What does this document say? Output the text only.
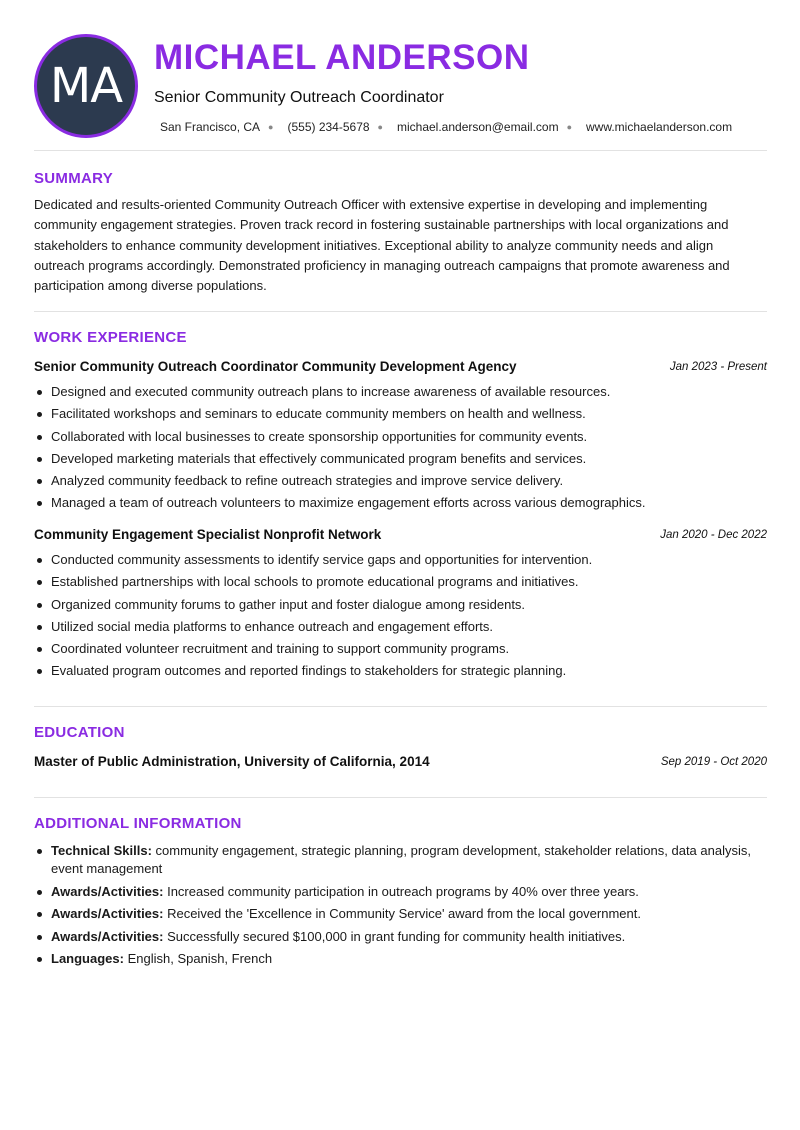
MA
MICHAEL ANDERSON
Senior Community Outreach Coordinator
San Francisco, CA ● (555) 234-5678 ● michael.anderson@email.com ● www.michaelanderson.com
SUMMARY
Dedicated and results-oriented Community Outreach Officer with extensive expertise in developing and implementing community engagement strategies. Proven track record in fostering sustainable partnerships with local organizations and stakeholders to enhance community development initiatives. Exceptional ability to analyze community needs and align outreach programs accordingly. Demonstrated proficiency in managing outreach campaigns that promote awareness and participation among diverse populations.
WORK EXPERIENCE
Senior Community Outreach Coordinator Community Development Agency	Jan 2023 - Present
Designed and executed community outreach plans to increase awareness of available resources.
Facilitated workshops and seminars to educate community members on health and wellness.
Collaborated with local businesses to create sponsorship opportunities for community events.
Developed marketing materials that effectively communicated program benefits and services.
Analyzed community feedback to refine outreach strategies and improve service delivery.
Managed a team of outreach volunteers to maximize engagement efforts across various demographics.
Community Engagement Specialist Nonprofit Network	Jan 2020 - Dec 2022
Conducted community assessments to identify service gaps and opportunities for intervention.
Established partnerships with local schools to promote educational programs and initiatives.
Organized community forums to gather input and foster dialogue among residents.
Utilized social media platforms to enhance outreach and engagement efforts.
Coordinated volunteer recruitment and training to support community programs.
Evaluated program outcomes and reported findings to stakeholders for strategic planning.
EDUCATION
Master of Public Administration, University of California, 2014	Sep 2019 - Oct 2020
ADDITIONAL INFORMATION
Technical Skills: community engagement, strategic planning, program development, stakeholder relations, data analysis, event management
Awards/Activities: Increased community participation in outreach programs by 40% over three years.
Awards/Activities: Received the 'Excellence in Community Service' award from the local government.
Awards/Activities: Successfully secured $100,000 in grant funding for community health initiatives.
Languages: English, Spanish, French
